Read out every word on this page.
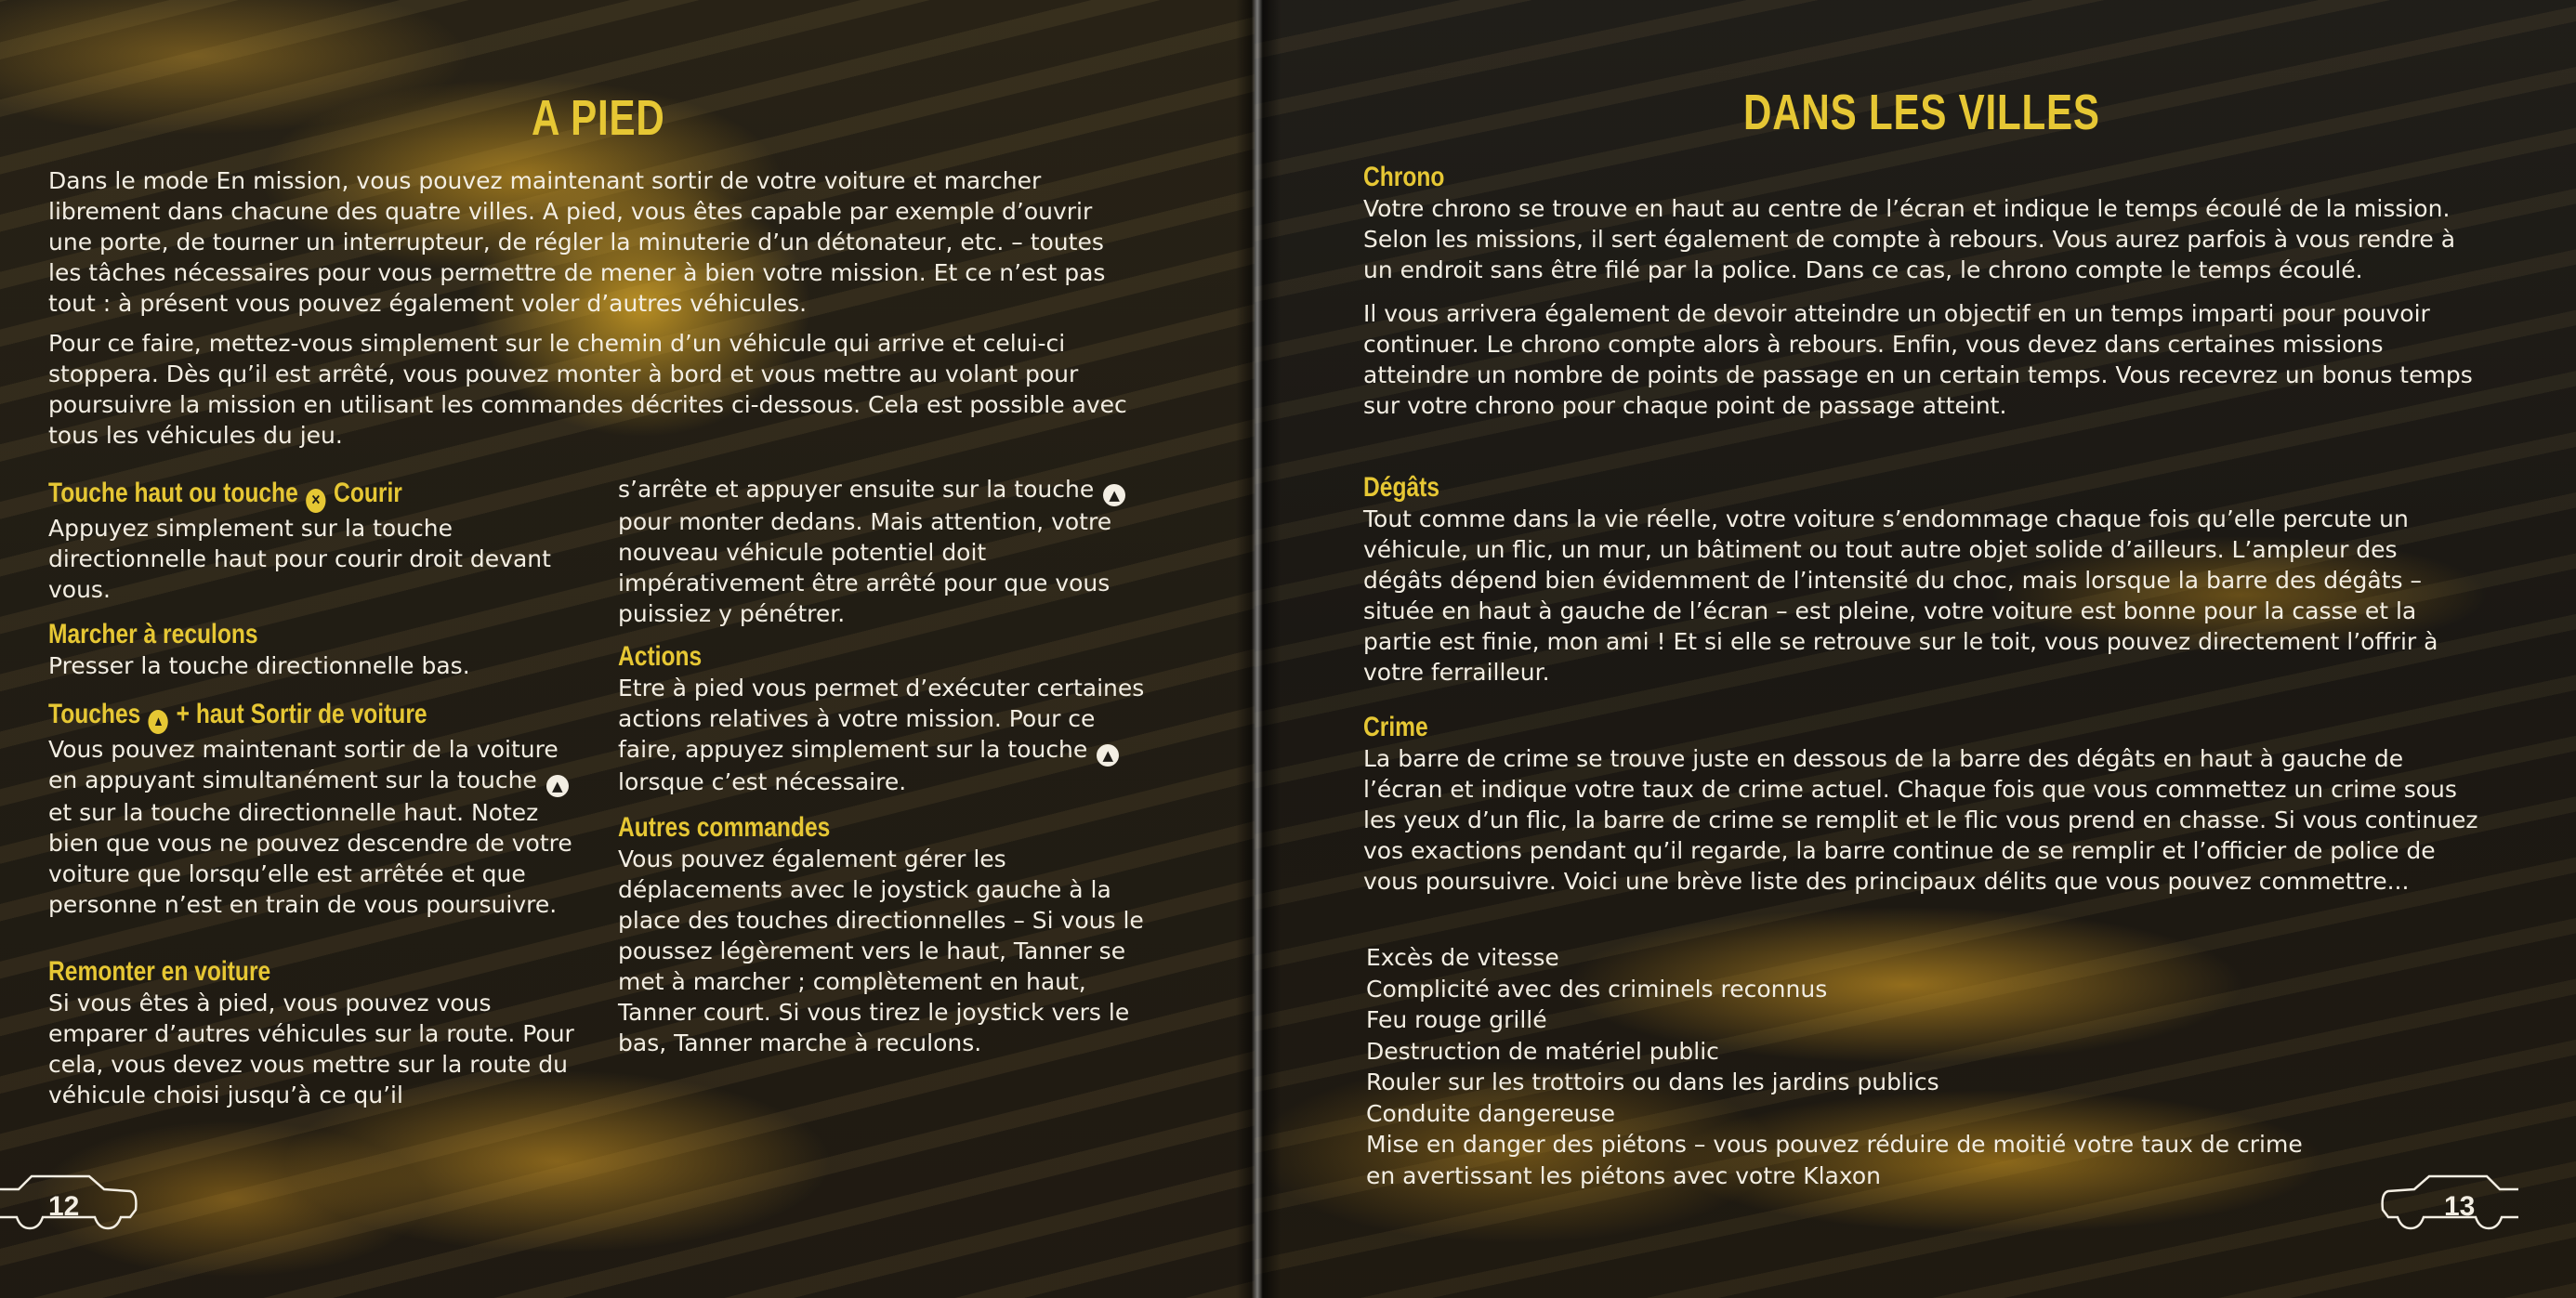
A PIED

Dans le mode En mission, vous pouvez maintenant sortir de votre voiture et marcher librement dans chacune des quatre villes. A pied, vous êtes capable par exemple d’ouvrir une porte, de tourner un interrupteur, de régler la minuterie d’un détonateur, etc. – toutes les tâches nécessaires pour vous permettre de mener à bien votre mission. Et ce n’est pas tout : à présent vous pouvez également voler d’autres véhicules.

Pour ce faire, mettez-vous simplement sur le chemin d’un véhicule qui arrive et celui-ci stoppera. Dès qu’il est arrêté, vous pouvez monter à bord et vous mettre au volant pour poursuivre la mission en utilisant les commandes décrites ci-dessous. Cela est possible avec tous les véhicules du jeu.

Touche haut ou touche ✕ Courir

Appuyez simplement sur la touche directionnelle haut pour courir droit devant vous.

Marcher à reculons

Presser la touche directionnelle bas.

Touches ▲ + haut Sortir de voiture

Vous pouvez maintenant sortir de la voiture en appuyant simultanément sur la touche ▲ et sur la touche directionnelle haut. Notez bien que vous ne pouvez descendre de votre voiture que lorsqu’elle est arrêtée et que personne n’est en train de vous poursuivre.

Remonter en voiture

Si vous êtes à pied, vous pouvez vous emparer d’autres véhicules sur la route. Pour cela, vous devez vous mettre sur la route du véhicule choisi jusqu’à ce qu’il

s’arrête et appuyer ensuite sur la touche ▲ pour monter dedans. Mais attention, votre nouveau véhicule potentiel doit impérativement être arrêté pour que vous puissiez y pénétrer.

Actions

Etre à pied vous permet d’exécuter certaines actions relatives à votre mission. Pour ce faire, appuyez simplement sur la touche ▲ lorsque c’est nécessaire.

Autres commandes

Vous pouvez également gérer les déplacements avec le joystick gauche à la place des touches directionnelles – Si vous le poussez légèrement vers le haut, Tanner se met à marcher ; complètement en haut, Tanner court. Si vous tirez le joystick vers le bas, Tanner marche à reculons.

12
DANS LES VILLES
Chrono

Votre chrono se trouve en haut au centre de l’écran et indique le temps écoulé de la mission. Selon les missions, il sert également de compte à rebours. Vous aurez parfois à vous rendre à un endroit sans être filé par la police. Dans ce cas, le chrono compte le temps écoulé.

Il vous arrivera également de devoir atteindre un objectif en un temps imparti pour pouvoir continuer. Le chrono compte alors à rebours. Enfin, vous devez dans certaines missions atteindre un nombre de points de passage en un certain temps. Vous recevrez un bonus temps sur votre chrono pour chaque point de passage atteint.

Dégâts

Tout comme dans la vie réelle, votre voiture s’endommage chaque fois qu’elle percute un véhicule, un flic, un mur, un bâtiment ou tout autre objet solide d’ailleurs. L’ampleur des dégâts dépend bien évidemment de l’intensité du choc, mais lorsque la barre des dégâts – située en haut à gauche de l’écran – est pleine, votre voiture est bonne pour la casse et la partie est finie, mon ami ! Et si elle se retrouve sur le toit, vous pouvez directement l’offrir à votre ferrailleur.

Crime

La barre de crime se trouve juste en dessous de la barre des dégâts en haut à gauche de l’écran et indique votre taux de crime actuel. Chaque fois que vous commettez un crime sous les yeux d’un flic, la barre de crime se remplit et le flic vous prend en chasse. Si vous continuez vos exactions pendant qu’il regarde, la barre continue de se remplir et l’officier de police de vous poursuivre. Voici une brève liste des principaux délits que vous pouvez commettre...

Excès de vitesse
Complicité avec des criminels reconnus
Feu rouge grillé
Destruction de matériel public
Rouler sur les trottoirs ou dans les jardins publics
Conduite dangereuse
Mise en danger des piétons – vous pouvez réduire de moitié votre taux de crime
en avertissant les piétons avec votre Klaxon
13
